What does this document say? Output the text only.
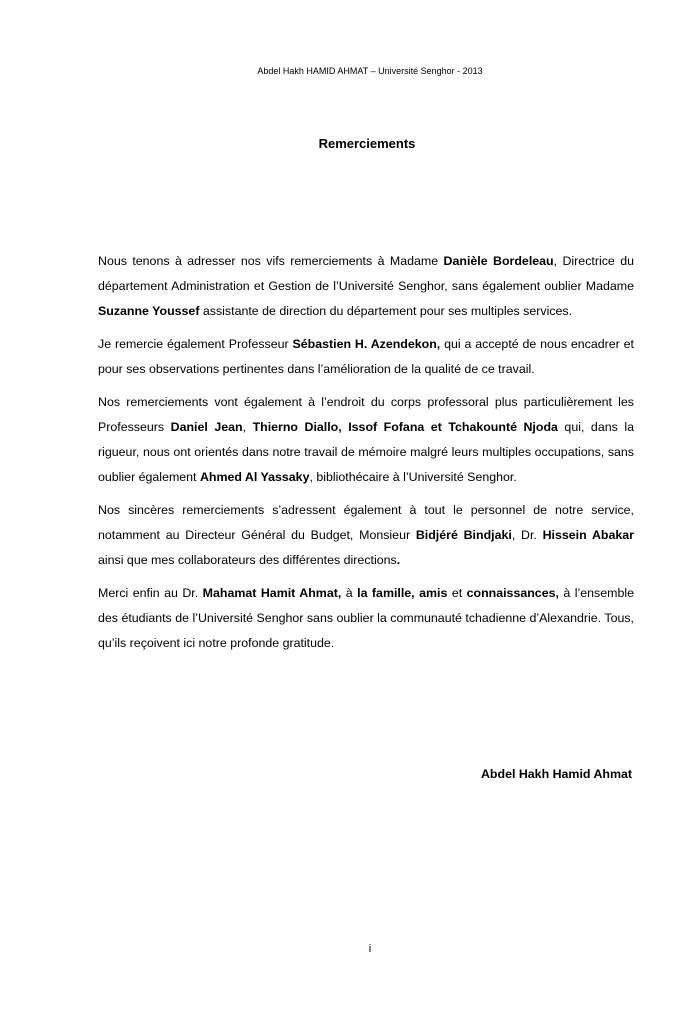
Abdel Hakh HAMID AHMAT – Université Senghor - 2013
Remerciements

Nous tenons à adresser nos vifs remerciements à Madame Danièle Bordeleau, Directrice du département Administration et Gestion de l’Université Senghor, sans également oublier Madame Suzanne Youssef assistante de direction du département pour ses multiples services.

Je remercie également Professeur Sébastien H. Azendekon, qui a accepté de nous encadrer et pour ses observations pertinentes dans l’amélioration de la qualité de ce travail.

Nos remerciements vont également à l’endroit du corps professoral plus particulièrement les Professeurs Daniel Jean, Thierno Diallo, Issof Fofana et Tchakounté Njoda qui, dans la rigueur, nous ont orientés dans notre travail de mémoire malgré leurs multiples occupations, sans oublier également Ahmed Al Yassaky, bibliothécaire à l’Université Senghor.

Nos sincères remerciements s’adressent également à tout le personnel de notre service, notamment au Directeur Général du Budget, Monsieur Bidjéré Bindjaki, Dr. Hissein Abakar ainsi que mes collaborateurs des différentes directions.

Merci enfin au Dr. Mahamat Hamit Ahmat, à la famille, amis et connaissances, à l’ensemble des étudiants de l’Université Senghor sans oublier la communauté tchadienne d’Alexandrie. Tous, qu’ils reçoivent ici notre profonde gratitude.

Abdel Hakh Hamid Ahmat
i
